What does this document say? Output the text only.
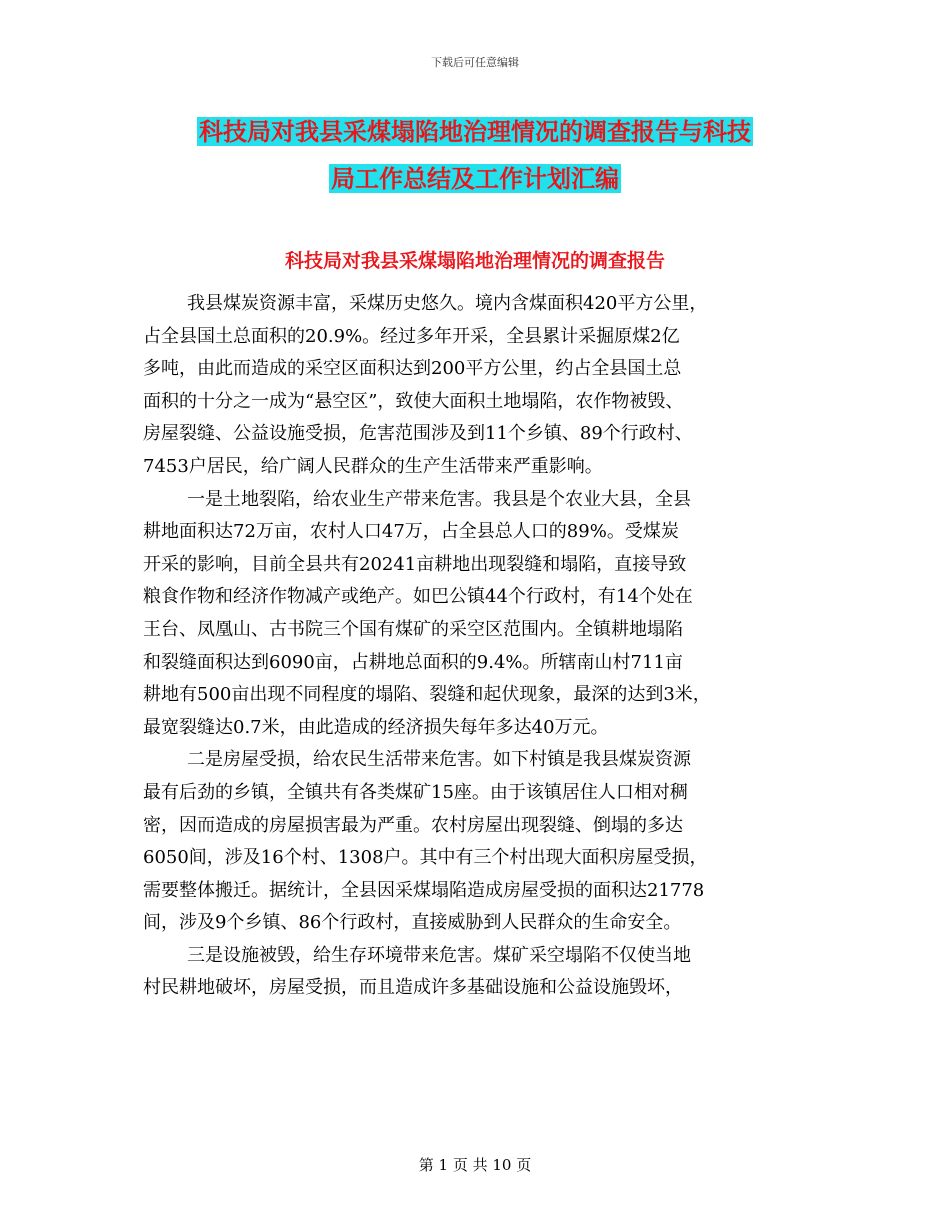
下载后可任意编辑
科技局对我县采煤塌陷地治理情况的调查报告与科技
局工作总结及工作计划汇编
科技局对我县采煤塌陷地治理情况的调查报告

我县煤炭资源丰富，采煤历史悠久。境内含煤面积420平方公里，
占全县国土总面积的20.9%。经过多年开采，全县累计采掘原煤2亿
多吨，由此而造成的采空区面积达到200平方公里，约占全县国土总
面积的十分之一成为“悬空区”，致使大面积土地塌陷，农作物被毁、
房屋裂缝、公益设施受损，危害范围涉及到11个乡镇、89个行政村、
7453户居民，给广阔人民群众的生产生活带来严重影响。

一是土地裂陷，给农业生产带来危害。我县是个农业大县，全县
耕地面积达72万亩，农村人口47万，占全县总人口的89%。受煤炭
开采的影响，目前全县共有20241亩耕地出现裂缝和塌陷，直接导致
粮食作物和经济作物减产或绝产。如巴公镇44个行政村，有14个处在
王台、凤凰山、古书院三个国有煤矿的采空区范围内。全镇耕地塌陷
和裂缝面积达到6090亩，占耕地总面积的9.4%。所辖南山村711亩
耕地有500亩出现不同程度的塌陷、裂缝和起伏现象，最深的达到3米，
最宽裂缝达0.7米，由此造成的经济损失每年多达40万元。

二是房屋受损，给农民生活带来危害。如下村镇是我县煤炭资源
最有后劲的乡镇，全镇共有各类煤矿15座。由于该镇居住人口相对稠
密，因而造成的房屋损害最为严重。农村房屋出现裂缝、倒塌的多达
6050间，涉及16个村、1308户。其中有三个村出现大面积房屋受损，
需要整体搬迁。据统计，全县因采煤塌陷造成房屋受损的面积达21778
间，涉及9个乡镇、86个行政村，直接威胁到人民群众的生命安全。

三是设施被毁，给生存环境带来危害。煤矿采空塌陷不仅使当地
村民耕地破坏，房屋受损，而且造成许多基础设施和公益设施毁坏，

第 1 页 共 10 页
